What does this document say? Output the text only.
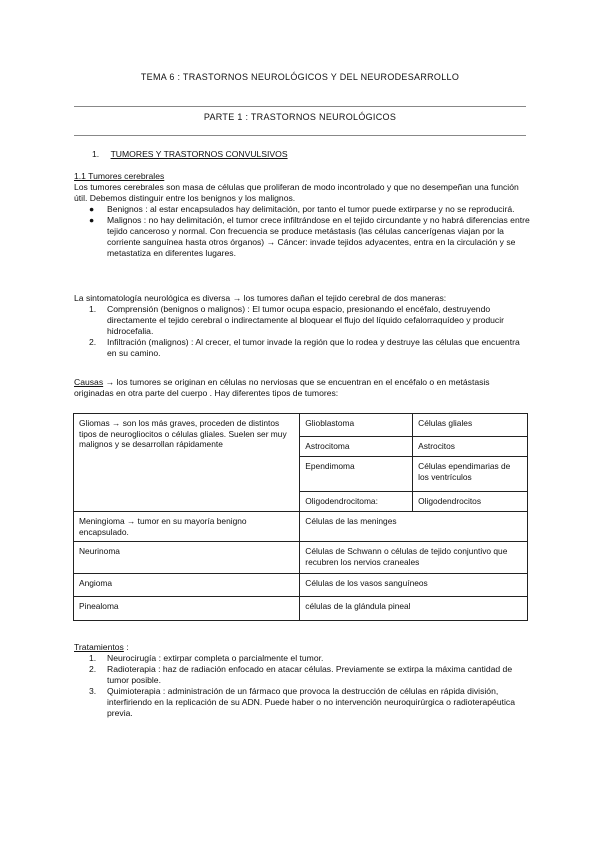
TEMA 6 : TRASTORNOS NEUROLÓGICOS Y DEL NEURODESARROLLO
PARTE 1 : TRASTORNOS NEUROLÓGICOS
1. TUMORES Y TRASTORNOS CONVULSIVOS
1.1 Tumores cerebrales
Los tumores cerebrales son masa de células que proliferan de modo incontrolado y que no desempeñan una función útil. Debemos distinguir entre los benignos y los malignos.
● Benignos : al estar encapsulados hay delimitación, por tanto el tumor puede extirparse y no se reproducirá.
● Malignos : no hay delimitación, el tumor crece infiltrándose en el tejido circundante y no habrá diferencias entre tejido canceroso y normal. Con frecuencia se produce metástasis (las células cancerígenas viajan por la corriente sanguínea hasta otros órganos) → Cáncer: invade tejidos adyacentes, entra en la circulación y se metastatiza en diferentes lugares.
La sintomatología neurológica es diversa → los tumores dañan el tejido cerebral de dos maneras:
1. Comprensión (benignos o malignos) : El tumor ocupa espacio, presionando el encéfalo, destruyendo directamente el tejido cerebral o indirectamente al bloquear el flujo del líquido cefalorraquídeo y producir hidrocefalia.
2. Infiltración (malignos) : Al crecer, el tumor invade la región que lo rodea y destruye las células que encuentra en su camino.
Causas → los tumores se originan en células no nerviosas que se encuentran en el encéfalo o en metástasis originadas en otra parte del cuerpo . Hay diferentes tipos de tumores:
Gliomas → son los más graves, proceden de distintos tipos de neurogliocitos o células gliales. Suelen ser muy malignos y se desarrollan rápidamente	Glioblastoma	Células gliales
	Astrocitoma	Astrocitos
	Ependimoma	Células ependimarias de los ventrículos
	Oligodendrocitoma:	Oligodendrocitos
Meningioma → tumor en su mayoría benigno encapsulado.	Células de las meninges	
Neurinoma	Células de Schwann o células de tejido conjuntivo que recubren los nervios craneales	
Angioma	Células de los vasos sanguíneos	
Pinealoma	células de la glándula pineal	
Tratamientos :
1. Neurocirugía : extirpar completa o parcialmente el tumor.
2. Radioterapia : haz de radiación enfocado en atacar células. Previamente se extirpa la máxima cantidad de tumor posible.
3. Quimioterapia : administración de un fármaco que provoca la destrucción de células en rápida división, interfiriendo en la replicación de su ADN. Puede haber o no intervención neuroquirúrgica o radioterapéutica previa.
